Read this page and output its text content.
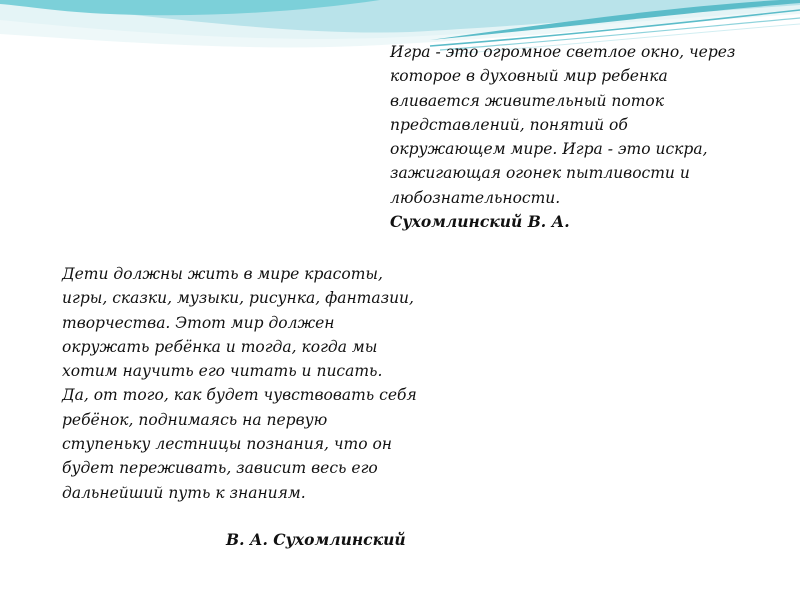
Игра - это огромное светлое окно, через
которое в духовный мир ребенка
вливается живительный поток
представлений, понятий об
окружающем мире. Игра - это искра,
зажигающая огонек пытливости и
любознательности.
Сухомлинский В. А.
Дети должны жить в мире красоты,
игры, сказки, музыки, рисунка, фантазии,
творчества. Этот мир должен
окружать ребёнка и тогда, когда мы
хотим научить его читать и писать.
Да, от того, как будет чувствовать себя
ребёнок, поднимаясь на первую
ступеньку лестницы познания, что он
будет переживать, зависит весь его
дальнейший путь к знаниям.
В. А. Сухомлинский
